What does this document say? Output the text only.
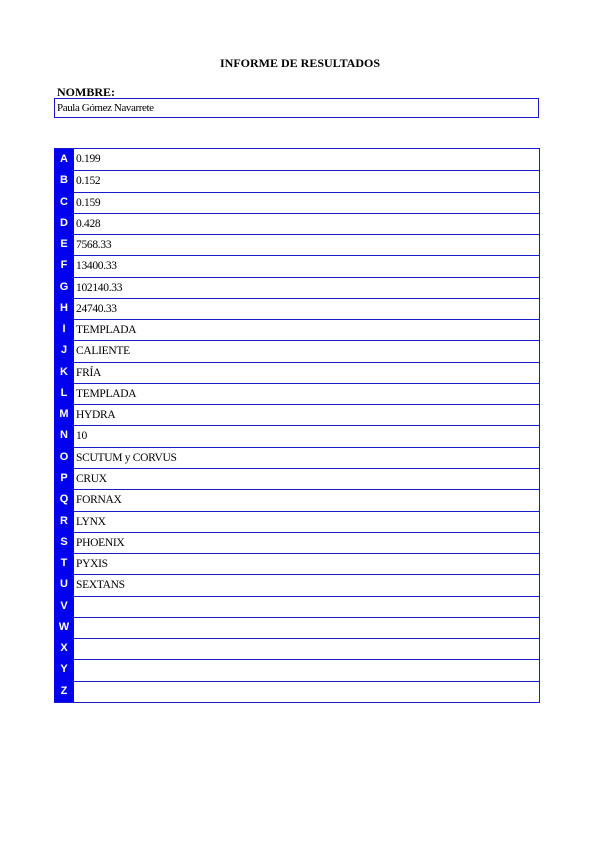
INFORME DE RESULTADOS
NOMBRE:
Paula Gómez Navarrete
A 0.199
B 0.152
C 0.159
D 0.428
E 7568.33
F 13400.33
G 102140.33
H 24740.33
I TEMPLADA
J CALIENTE
K FRÍA
L TEMPLADA
M HYDRA
N 10
O SCUTUM y CORVUS
P CRUX
Q FORNAX
R LYNX
S PHOENIX
T PYXIS
U SEXTANS
V
W
X
Y
Z
